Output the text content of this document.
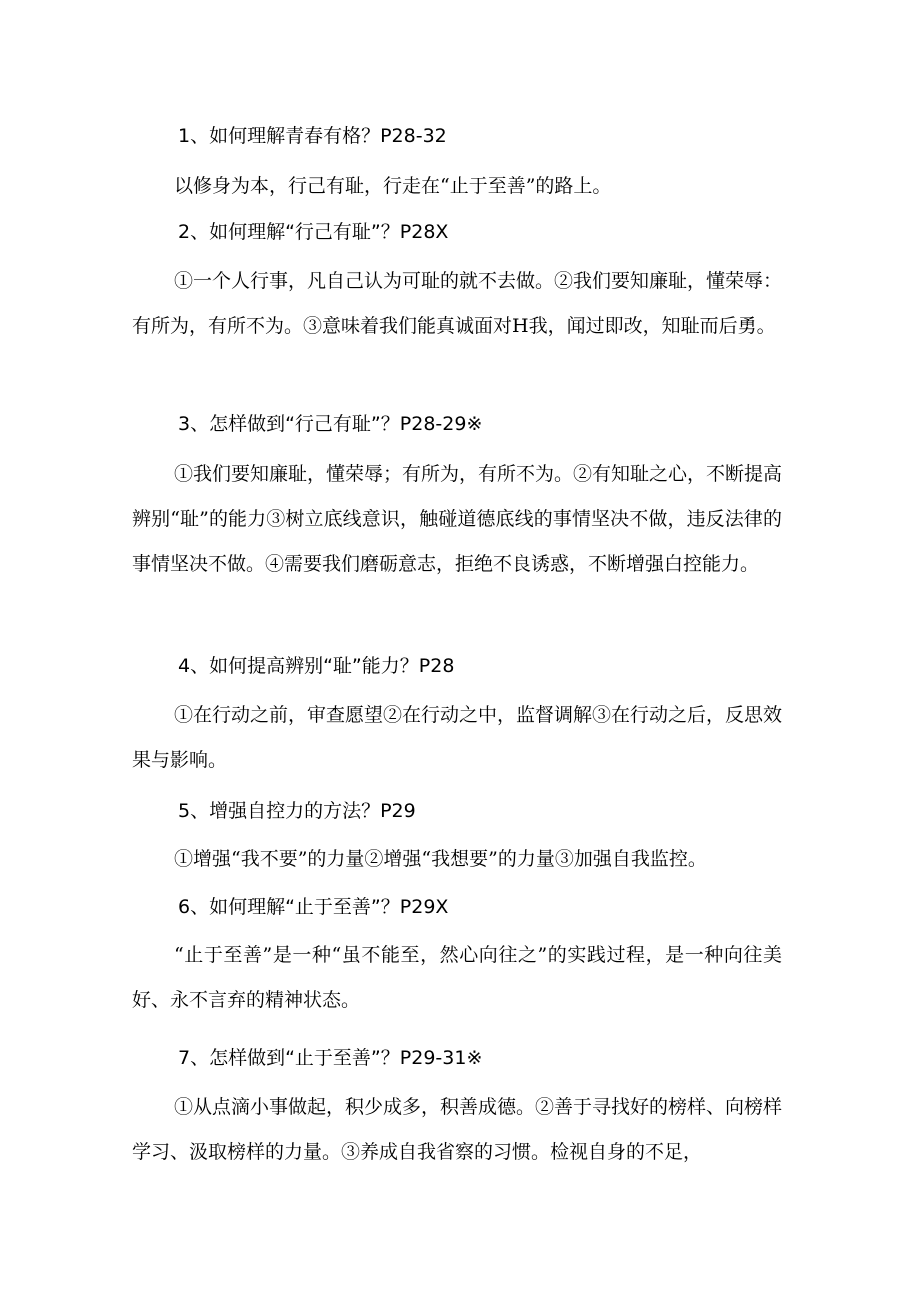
1、如何理解青春有格？P28-32

以修身为本，行己有耻，行走在“止于至善”的路上。

2、如何理解“行己有耻”？P28X

①一个人行事，凡自己认为可耻的就不去做。②我们要知廉耻，懂荣辱：有所为，有所不为。③意味着我们能真诚面对H我，闻过即改，知耻而后勇。

3、怎样做到“行己有耻”？P28-29※

①我们要知廉耻，懂荣辱；有所为，有所不为。②有知耻之心，不断提高辨别“耻”的能力③树立底线意识，触碰道德底线的事情坚决不做，违反法律的事情坚决不做。④需要我们磨砺意志，拒绝不良诱惑，不断增强白控能力。

4、如何提高辨别“耻”能力？P28

①在行动之前，审查愿望②在行动之中，监督调解③在行动之后，反思效果与影响。

5、增强自控力的方法？P29

①增强“我不要”的力量②增强“我想要”的力量③加强自我监控。

6、如何理解“止于至善”？P29X

“止于至善”是一种“虽不能至，然心向往之”的实践过程，是一种向往美好、永不言弃的精神状态。

7、怎样做到“止于至善”？P29-31※

①从点滴小事做起，积少成多，积善成德。②善于寻找好的榜样、向榜样学习、汲取榜样的力量。③养成自我省察的习惯。检视自身的不足，
